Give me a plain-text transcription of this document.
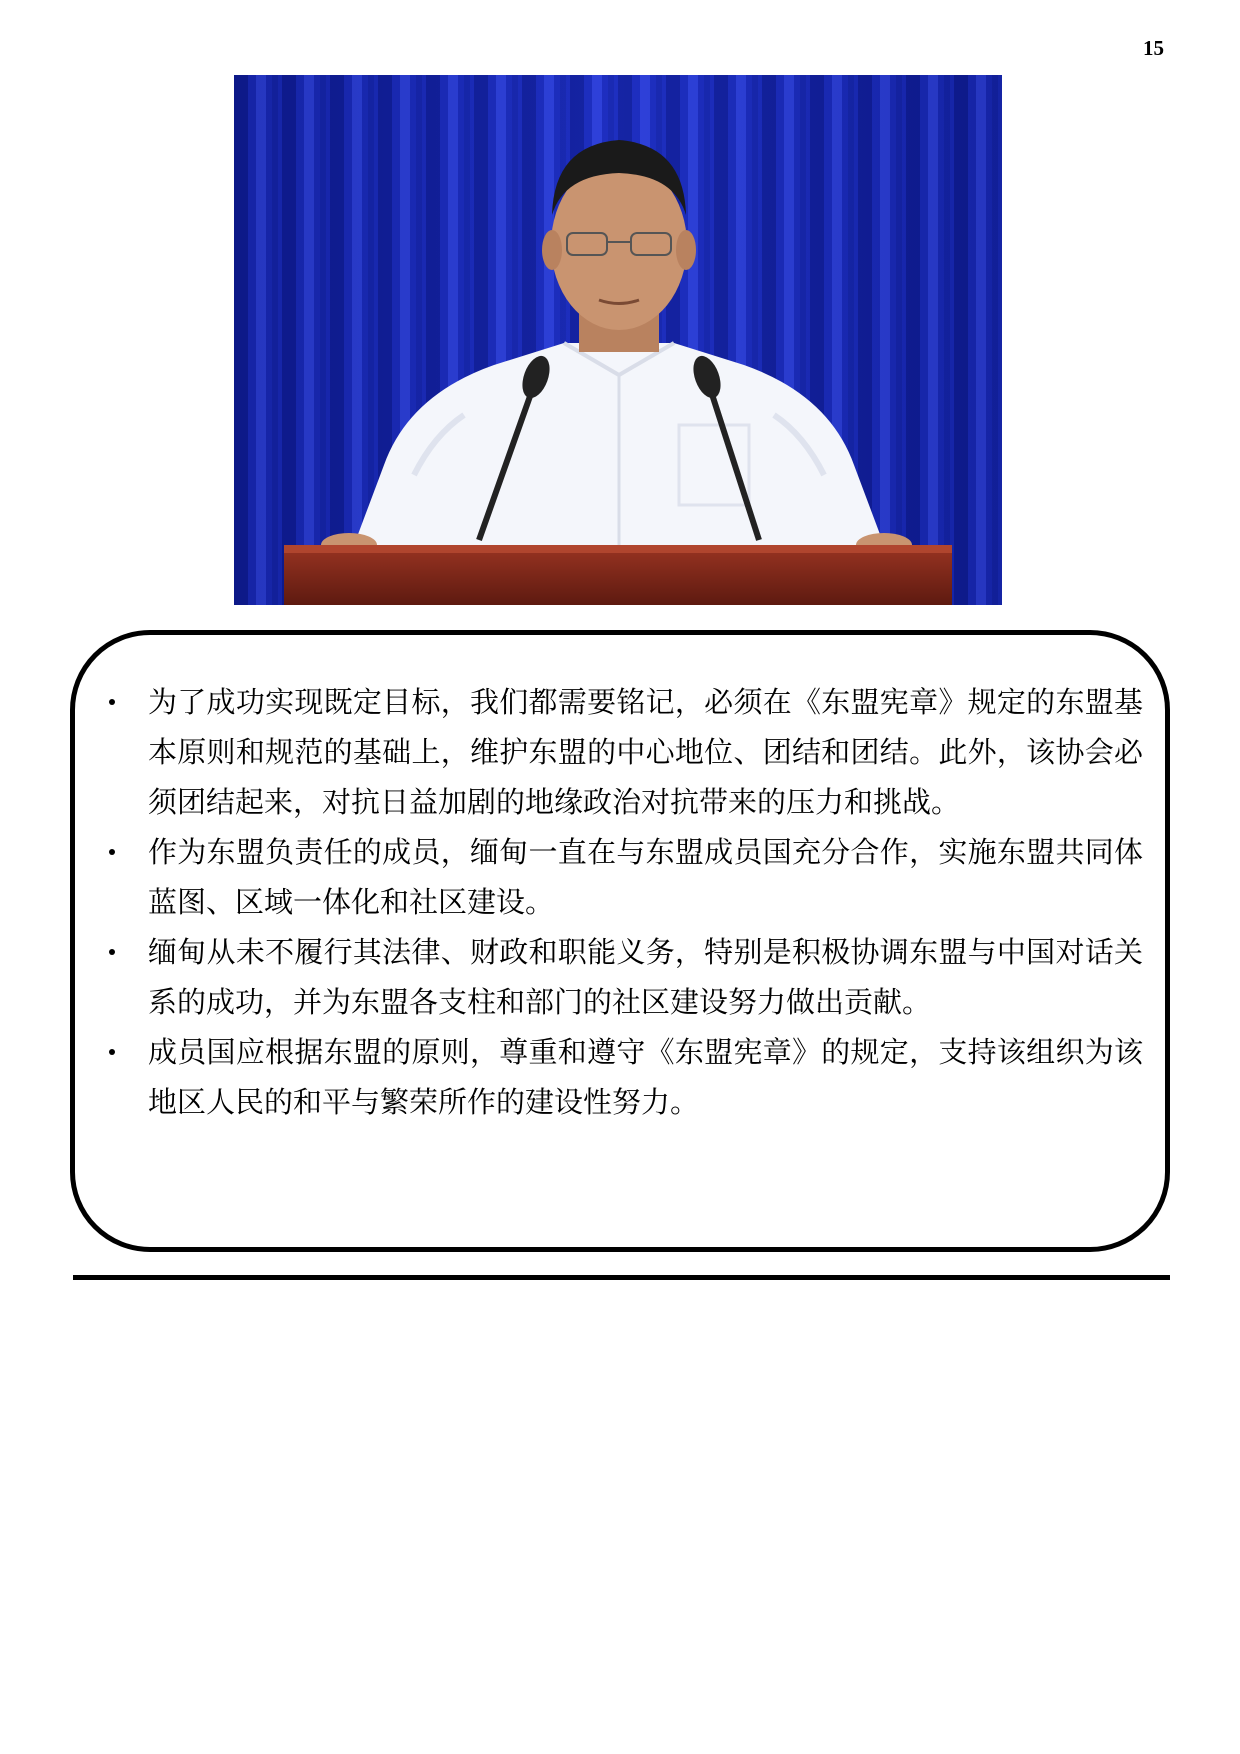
15
为了成功实现既定目标，我们都需要铭记，必须在《东盟宪章》规定的东盟基本原则和规范的基础上，维护东盟的中心地位、团结和团结。此外，该协会必须团结起来，对抗日益加剧的地缘政治对抗带来的压力和挑战。
作为东盟负责任的成员，缅甸一直在与东盟成员国充分合作，实施东盟共同体蓝图、区域一体化和社区建设。
缅甸从未不履行其法律、财政和职能义务，特别是积极协调东盟与中国对话关系的成功，并为东盟各支柱和部门的社区建设努力做出贡献。
成员国应根据东盟的原则，尊重和遵守《东盟宪章》的规定，支持该组织为该地区人民的和平与繁荣所作的建设性努力。
